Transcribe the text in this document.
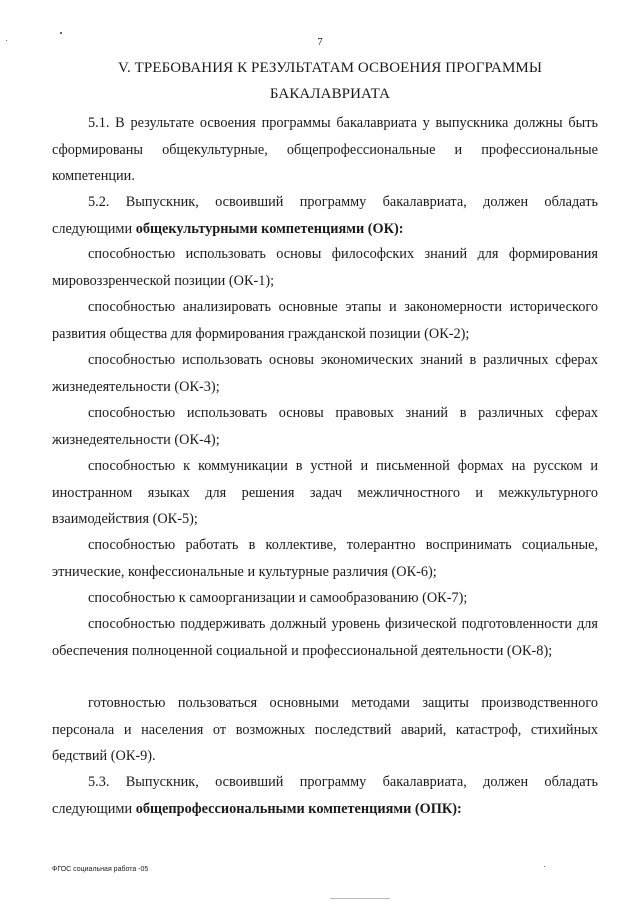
7
V. ТРЕБОВАНИЯ К РЕЗУЛЬТАТАМ ОСВОЕНИЯ ПРОГРАММЫ
БАКАЛАВРИАТА

5.1. В результате освоения программы бакалавриата у выпускника должны быть сформированы общекультурные, общепрофессиональные и профессиональные компетенции.

5.2. Выпускник, освоивший программу бакалавриата, должен обладать следующими общекультурными компетенциями (ОК):

способностью использовать основы философских знаний для формирования мировоззренческой позиции (ОК-1);

способностью анализировать основные этапы и закономерности исторического развития общества для формирования гражданской позиции (ОК-2);

способностью использовать основы экономических знаний в различных сферах жизнедеятельности (ОК-3);

способностью использовать основы правовых знаний в различных сферах жизнедеятельности (ОК-4);

способностью к коммуникации в устной и письменной формах на русском и иностранном языках для решения задач межличностного и межкультурного взаимодействия (ОК-5);

способностью работать в коллективе, толерантно воспринимать социальные, этнические, конфессиональные и культурные различия (ОК-6);

способностью к самоорганизации и самообразованию (ОК-7);

способностью поддерживать должный уровень физической подготовленности для обеспечения полноценной социальной и профессиональной деятельности (ОК-8);

готовностью пользоваться основными методами защиты производственного персонала и населения от возможных последствий аварий, катастроф, стихийных бедствий (ОК-9).

5.3. Выпускник, освоивший программу бакалавриата, должен обладать следующими общепрофессиональными компетенциями (ОПК):

ФГОС социальная работа -05
